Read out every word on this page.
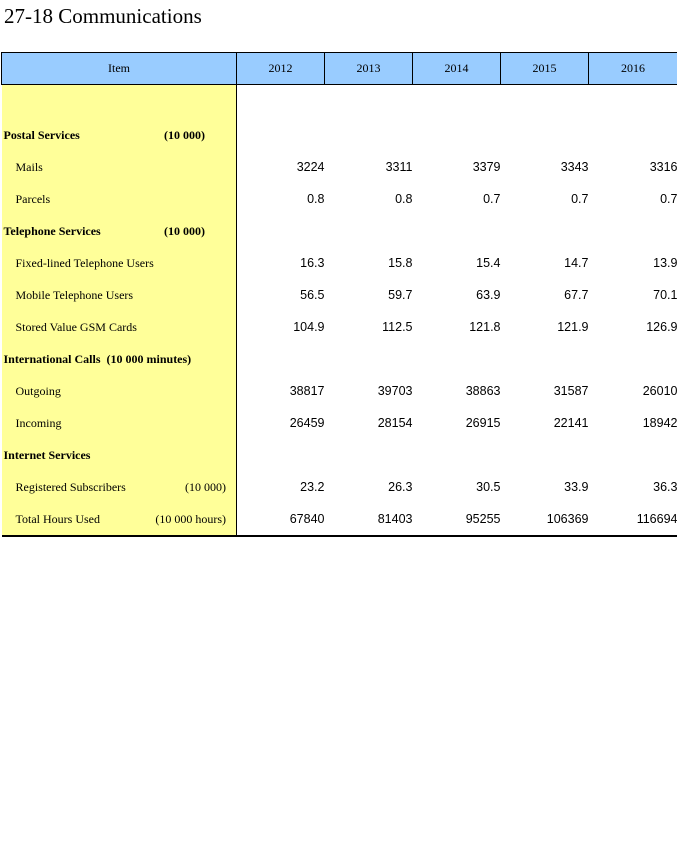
27-18 Communications
Item	2012	2013	2014	2015	2016

Postal Services (10 000)					

Mails	3224	3311	3379	3343	3316

Parcels	0.8	0.8	0.7	0.7	0.7

Telephone Services (10 000)					

Fixed-lined Telephone Users	16.3	15.8	15.4	14.7	13.9

Mobile Telephone Users	56.5	59.7	63.9	67.7	70.1

Stored Value GSM Cards	104.9	112.5	121.8	121.9	126.9

International Calls (10 000 minutes)					

Outgoing	38817	39703	38863	31587	26010

Incoming	26459	28154	26915	22141	18942

Internet Services					

Registered Subscribers (10 000)	23.2	26.3	30.5	33.9	36.3

Total Hours Used (10 000 hours)	67840	81403	95255	106369	116694
